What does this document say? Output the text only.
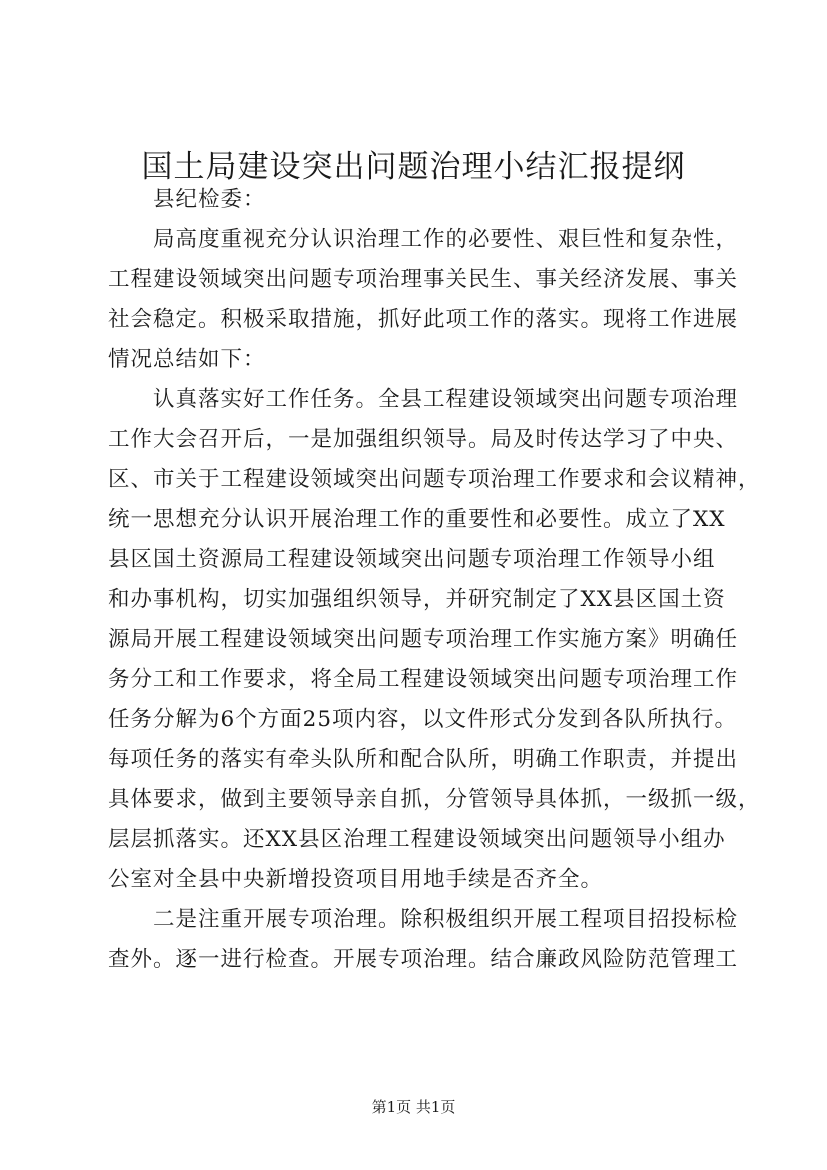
国土局建设突出问题治理小结汇报提纲
县纪检委：
局高度重视充分认识治理工作的必要性、艰巨性和复杂性，
工程建设领域突出问题专项治理事关民生、事关经济发展、事关
社会稳定。积极采取措施，抓好此项工作的落实。现将工作进展
情况总结如下：
认真落实好工作任务。全县工程建设领域突出问题专项治理
工作大会召开后，一是加强组织领导。局及时传达学习了中央、
区、市关于工程建设领域突出问题专项治理工作要求和会议精神，
统一思想充分认识开展治理工作的重要性和必要性。成立了XX
县区国土资源局工程建设领域突出问题专项治理工作领导小组
和办事机构，切实加强组织领导，并研究制定了XX县区国土资
源局开展工程建设领域突出问题专项治理工作实施方案》明确任
务分工和工作要求，将全局工程建设领域突出问题专项治理工作
任务分解为6个方面25项内容，以文件形式分发到各队所执行。
每项任务的落实有牵头队所和配合队所，明确工作职责，并提出
具体要求，做到主要领导亲自抓，分管领导具体抓，一级抓一级，
层层抓落实。还XX县区治理工程建设领域突出问题领导小组办
公室对全县中央新增投资项目用地手续是否齐全。
二是注重开展专项治理。除积极组织开展工程项目招投标检
查外。逐一进行检查。开展专项治理。结合廉政风险防范管理工
第1页 共1页
